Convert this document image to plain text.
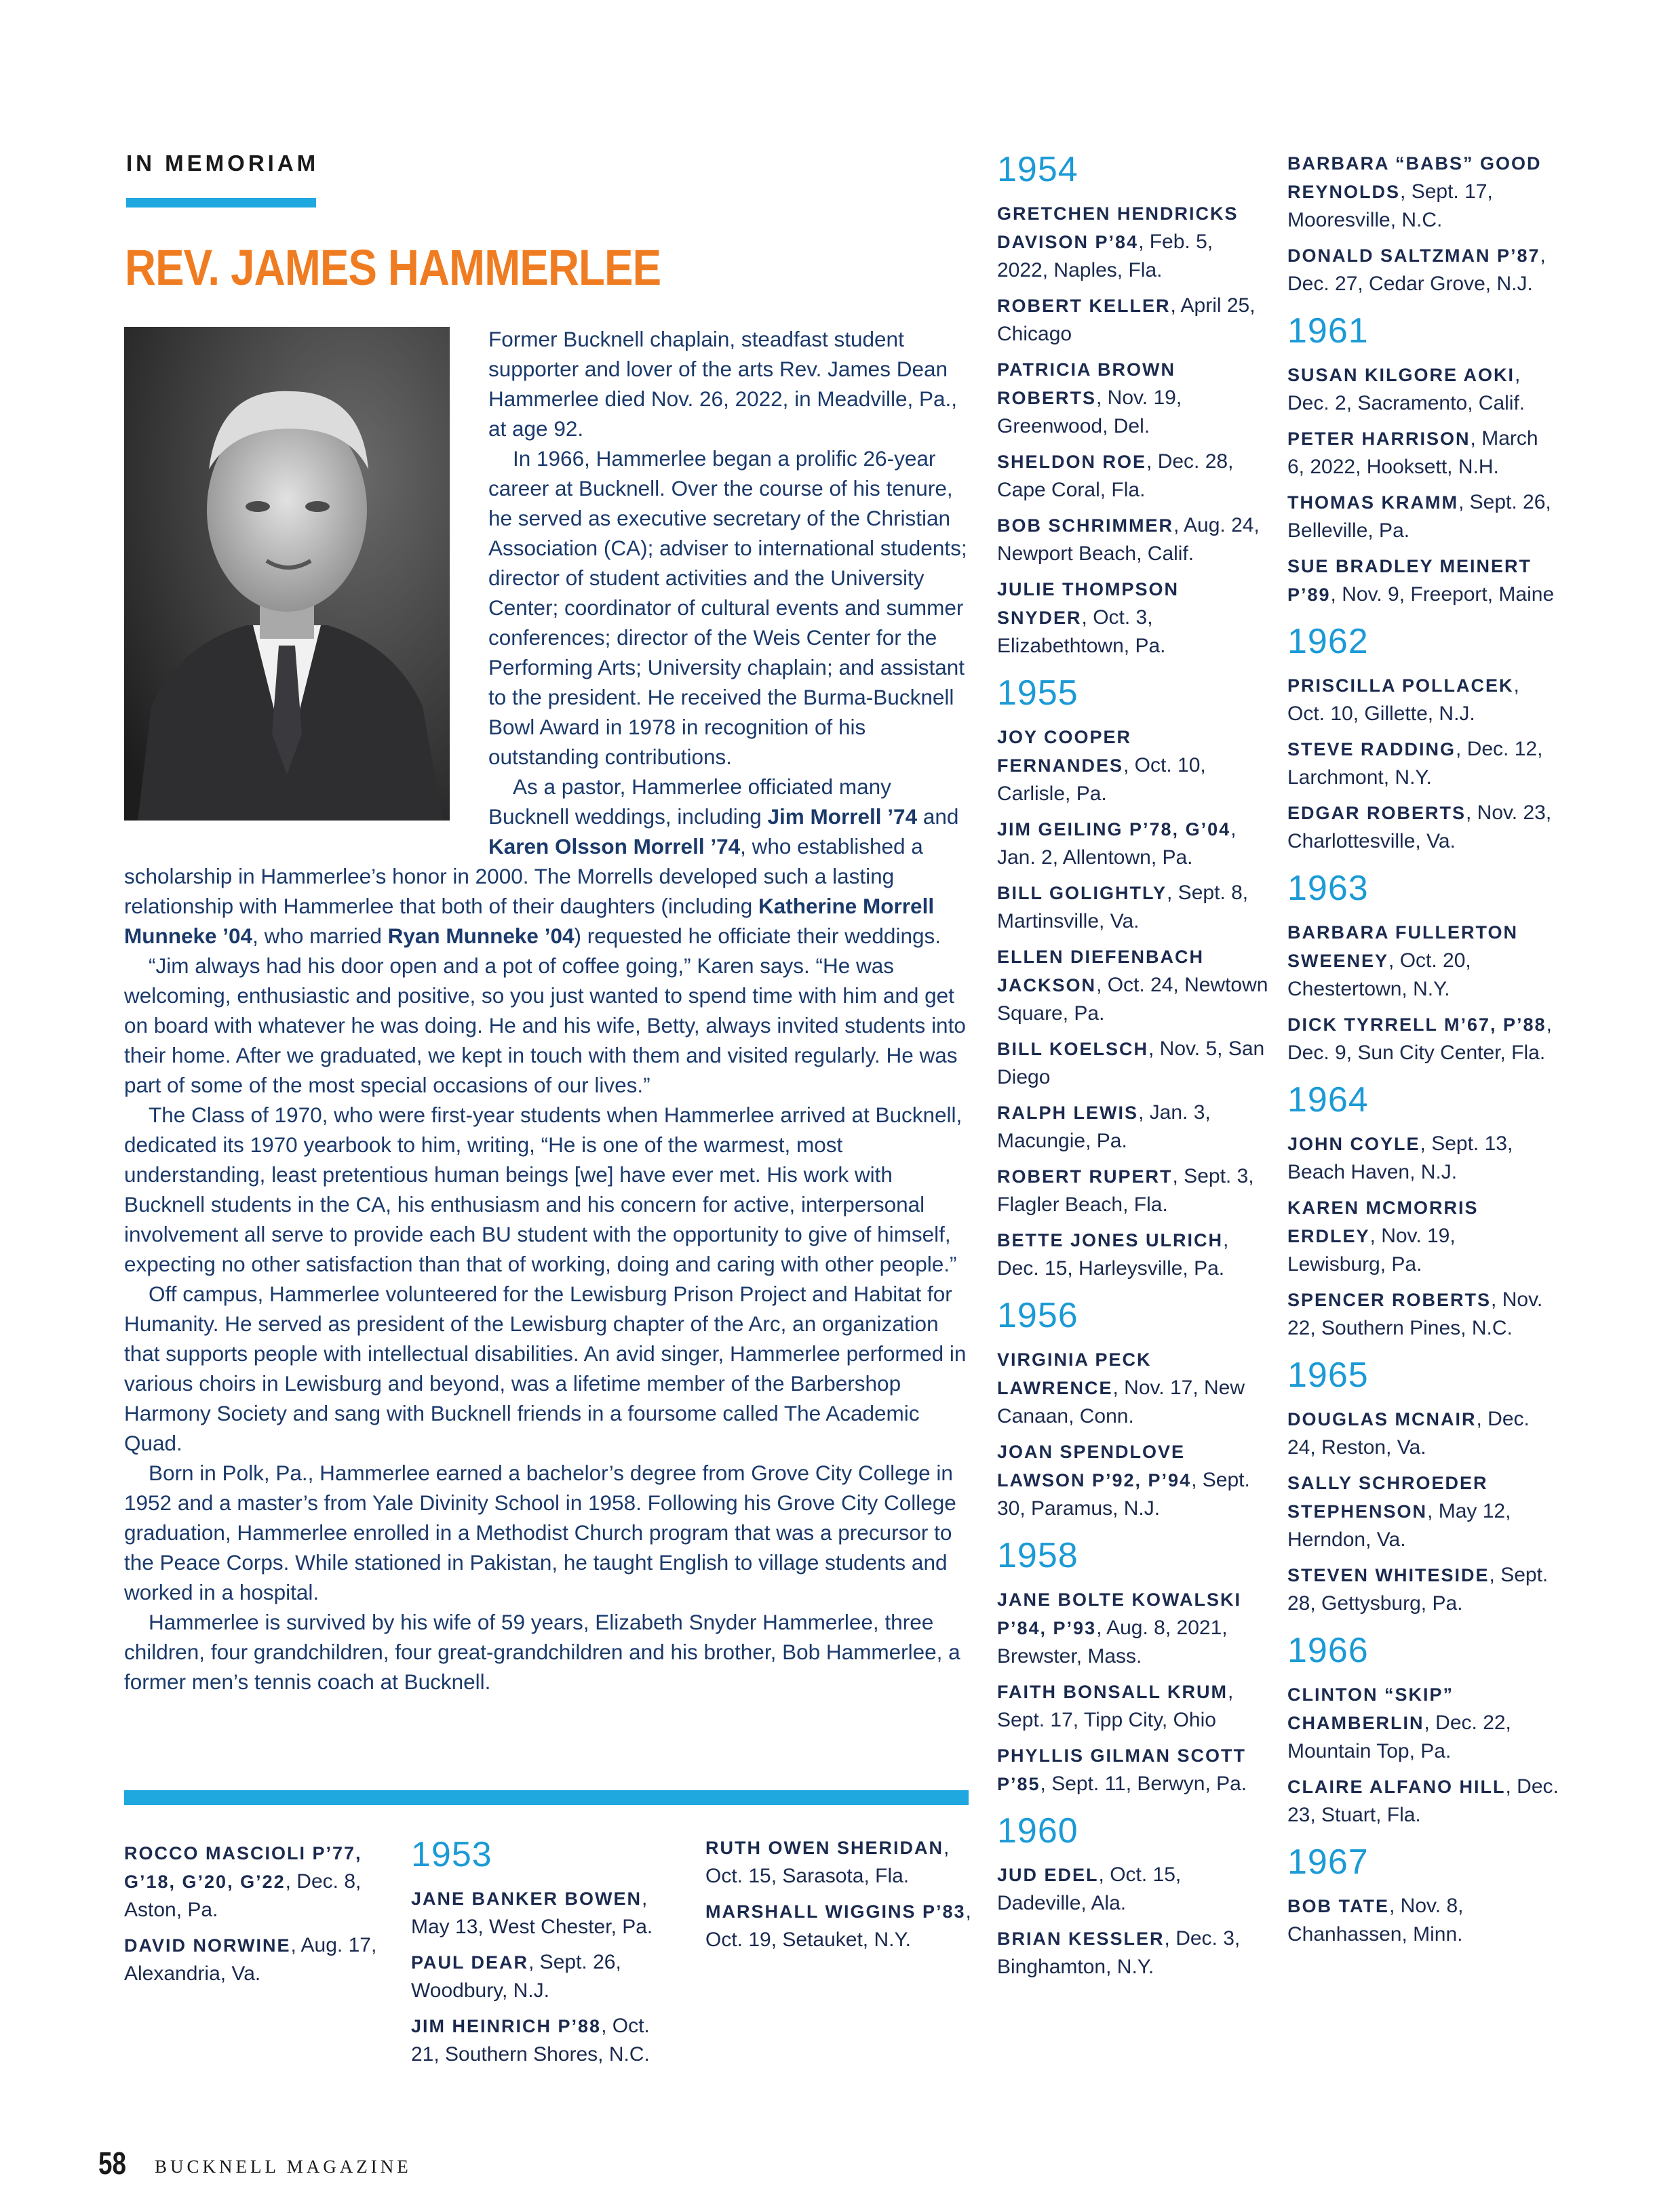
IN MEMORIAM
REV. JAMES HAMMERLEE

Former Bucknell chaplain, steadfast student supporter and lover of the arts Rev. James Dean Hammerlee died Nov. 26, 2022, in Meadville, Pa., at age 92.

In 1966, Hammerlee began a prolific 26-year career at Bucknell. Over the course of his tenure, he served as executive secretary of the Christian Association (CA); adviser to international students; director of student activities and the University Center; coordinator of cultural events and summer conferences; director of the Weis Center for the Performing Arts; University chaplain; and assistant to the president. He received the Burma-Bucknell Bowl Award in 1978 in recognition of his outstanding contributions.

As a pastor, Hammerlee officiated many Bucknell weddings, including Jim Morrell ’74 and Karen Olsson Morrell ’74, who established a scholarship in Hammerlee’s honor in 2000. The Morrells developed such a lasting relationship with Hammerlee that both of their daughters (including Katherine Morrell Munneke ’04, who married Ryan Munneke ’04) requested he officiate their weddings.

“Jim always had his door open and a pot of coffee going,” Karen says. “He was welcoming, enthusiastic and positive, so you just wanted to spend time with him and get on board with whatever he was doing. He and his wife, Betty, always invited students into their home. After we graduated, we kept in touch with them and visited regularly. He was part of some of the most special occasions of our lives.”

The Class of 1970, who were first-year students when Hammerlee arrived at Bucknell, dedicated its 1970 yearbook to him, writing, “He is one of the warmest, most understanding, least pretentious human beings [we] have ever met. His work with Bucknell students in the CA, his enthusiasm and his concern for active, interpersonal involvement all serve to provide each BU student with the opportunity to give of himself, expecting no other satisfaction than that of working, doing and caring with other people.”

Off campus, Hammerlee volunteered for the Lewisburg Prison Project and Habitat for Humanity. He served as president of the Lewisburg chapter of the Arc, an organization that supports people with intellectual disabilities. An avid singer, Hammerlee performed in various choirs in Lewisburg and beyond, was a lifetime member of the Barbershop Harmony Society and sang with Bucknell friends in a foursome called The Academic Quad.

Born in Polk, Pa., Hammerlee earned a bachelor’s degree from Grove City College in 1952 and a master’s from Yale Divinity School in 1958. Following his Grove City College graduation, Hammerlee enrolled in a Methodist Church program that was a precursor to the Peace Corps. While stationed in Pakistan, he taught English to village students and worked in a hospital.

Hammerlee is survived by his wife of 59 years, Elizabeth Snyder Hammerlee, three children, four grandchildren, four great-grandchildren and his brother, Bob Hammerlee, a former men’s tennis coach at Bucknell.

ROCCO MASCIOLI P’77, G’18, G’20, G’22, Dec. 8, Aston, Pa.
DAVID NORWINE, Aug. 17, Alexandria, Va.
1953
JANE BANKER BOWEN, May 13, West Chester, Pa.
PAUL DEAR, Sept. 26, Woodbury, N.J.
JIM HEINRICH P’88, Oct. 21, Southern Shores, N.C.
RUTH OWEN SHERIDAN, Oct. 15, Sarasota, Fla.
MARSHALL WIGGINS P’83, Oct. 19, Setauket, N.Y.
1954
GRETCHEN HENDRICKS DAVISON P’84, Feb. 5, 2022, Naples, Fla.
ROBERT KELLER, April 25, Chicago
PATRICIA BROWN ROBERTS, Nov. 19, Greenwood, Del.
SHELDON ROE, Dec. 28, Cape Coral, Fla.
BOB SCHRIMMER, Aug. 24, Newport Beach, Calif.
JULIE THOMPSON SNYDER, Oct. 3, Elizabethtown, Pa.
1955
JOY COOPER FERNANDES, Oct. 10, Carlisle, Pa.
JIM GEILING P’78, G’04, Jan. 2, Allentown, Pa.
BILL GOLIGHTLY, Sept. 8, Martinsville, Va.
ELLEN DIEFENBACH JACKSON, Oct. 24, Newtown Square, Pa.
BILL KOELSCH, Nov. 5, San Diego
RALPH LEWIS, Jan. 3, Macungie, Pa.
ROBERT RUPERT, Sept. 3, Flagler Beach, Fla.
BETTE JONES ULRICH, Dec. 15, Harleysville, Pa.
1956
VIRGINIA PECK LAWRENCE, Nov. 17, New Canaan, Conn.
JOAN SPENDLOVE LAWSON P’92, P’94, Sept. 30, Paramus, N.J.
1958
JANE BOLTE KOWALSKI P’84, P’93, Aug. 8, 2021, Brewster, Mass.
FAITH BONSALL KRUM, Sept. 17, Tipp City, Ohio
PHYLLIS GILMAN SCOTT P’85, Sept. 11, Berwyn, Pa.
1960
JUD EDEL, Oct. 15, Dadeville, Ala.
BRIAN KESSLER, Dec. 3, Binghamton, N.Y.
BARBARA “BABS” GOOD REYNOLDS, Sept. 17, Mooresville, N.C.
DONALD SALTZMAN P’87, Dec. 27, Cedar Grove, N.J.
1961
SUSAN KILGORE AOKI, Dec. 2, Sacramento, Calif.
PETER HARRISON, March 6, 2022, Hooksett, N.H.
THOMAS KRAMM, Sept. 26, Belleville, Pa.
SUE BRADLEY MEINERT P’89, Nov. 9, Freeport, Maine
1962
PRISCILLA POLLACEK, Oct. 10, Gillette, N.J.
STEVE RADDING, Dec. 12, Larchmont, N.Y.
EDGAR ROBERTS, Nov. 23, Charlottesville, Va.
1963
BARBARA FULLERTON SWEENEY, Oct. 20, Chestertown, N.Y.
DICK TYRRELL M’67, P’88, Dec. 9, Sun City Center, Fla.
1964
JOHN COYLE, Sept. 13, Beach Haven, N.J.
KAREN MCMORRIS ERDLEY, Nov. 19, Lewisburg, Pa.
SPENCER ROBERTS, Nov. 22, Southern Pines, N.C.
1965
DOUGLAS MCNAIR, Dec. 24, Reston, Va.
SALLY SCHROEDER STEPHENSON, May 12, Herndon, Va.
STEVEN WHITESIDE, Sept. 28, Gettysburg, Pa.
1966
CLINTON “SKIP” CHAMBERLIN, Dec. 22, Mountain Top, Pa.
CLAIRE ALFANO HILL, Dec. 23, Stuart, Fla.
1967
BOB TATE, Nov. 8, Chanhassen, Minn.
58 BUCKNELL MAGAZINE
